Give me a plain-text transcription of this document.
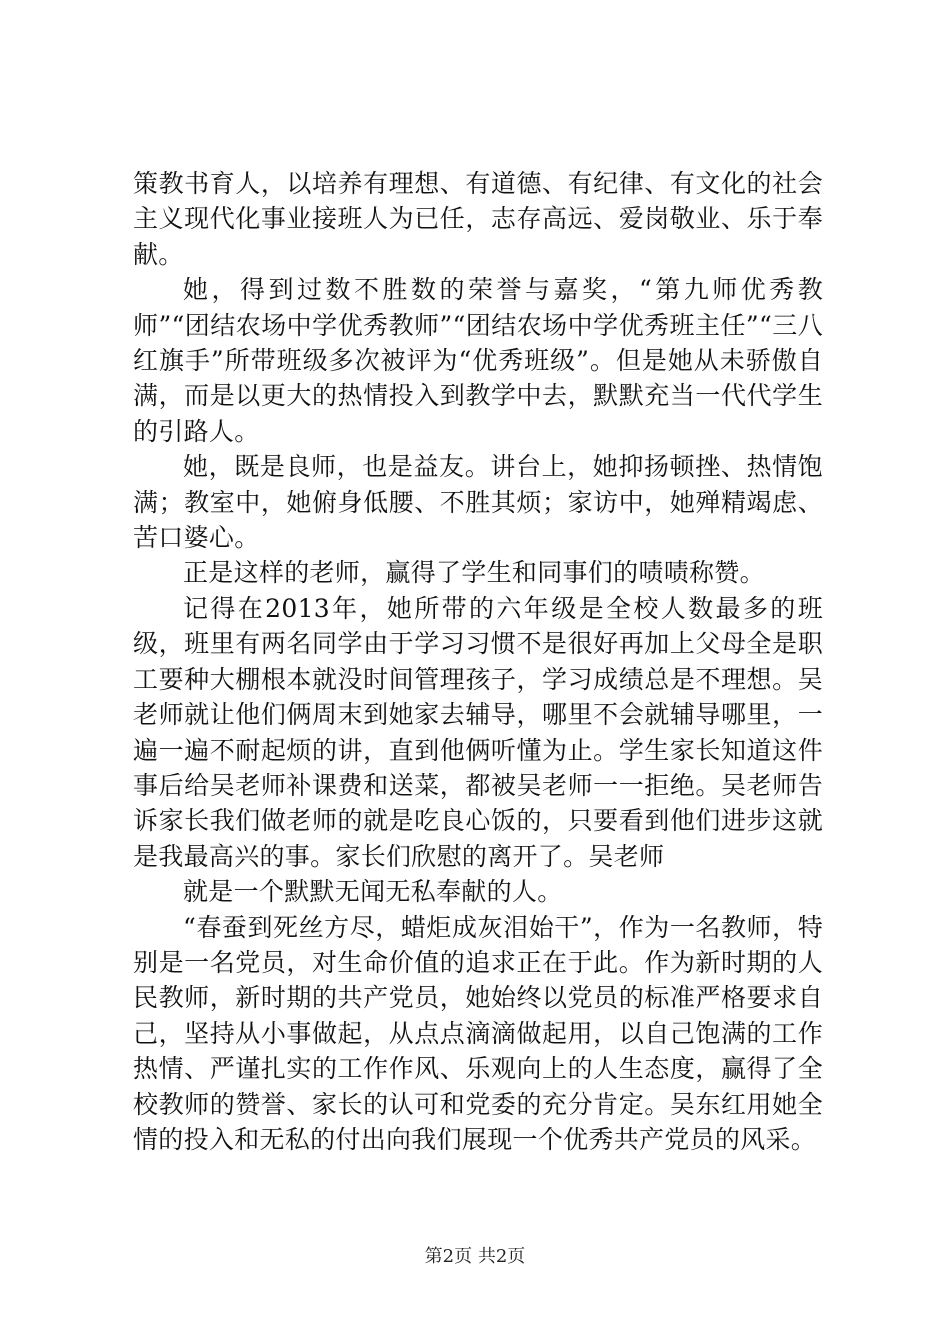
策教书育人，以培养有理想、有道德、有纪律、有文化的社会主义现代化事业接班人为已任，志存高远、爱岗敬业、乐于奉献。

她，得到过数不胜数的荣誉与嘉奖，“第九师优秀教师”“团结农场中学优秀教师”“团结农场中学优秀班主任”“三八红旗手”所带班级多次被评为“优秀班级”。但是她从未骄傲自满，而是以更大的热情投入到教学中去，默默充当一代代学生的引路人。

她，既是良师，也是益友。讲台上，她抑扬顿挫、热情饱满；教室中，她俯身低腰、不胜其烦；家访中，她殚精竭虑、苦口婆心。

正是这样的老师，赢得了学生和同事们的啧啧称赞。

记得在2013年，她所带的六年级是全校人数最多的班级，班里有两名同学由于学习习惯不是很好再加上父母全是职工要种大棚根本就没时间管理孩子，学习成绩总是不理想。吴老师就让他们俩周末到她家去辅导，哪里不会就辅导哪里，一遍一遍不耐起烦的讲，直到他俩听懂为止。学生家长知道这件事后给吴老师补课费和送菜，都被吴老师一一拒绝。吴老师告诉家长我们做老师的就是吃良心饭的，只要看到他们进步这就是我最高兴的事。家长们欣慰的离开了。吴老师

就是一个默默无闻无私奉献的人。

“春蚕到死丝方尽，蜡炬成灰泪始干”，作为一名教师，特别是一名党员，对生命价值的追求正在于此。作为新时期的人民教师，新时期的共产党员，她始终以党员的标准严格要求自己，坚持从小事做起，从点点滴滴做起用，以自己饱满的工作热情、严谨扎实的工作作风、乐观向上的人生态度，赢得了全校教师的赞誉、家长的认可和党委的充分肯定。吴东红用她全情的投入和无私的付出向我们展现一个优秀共产党员的风采。

第2页 共2页
